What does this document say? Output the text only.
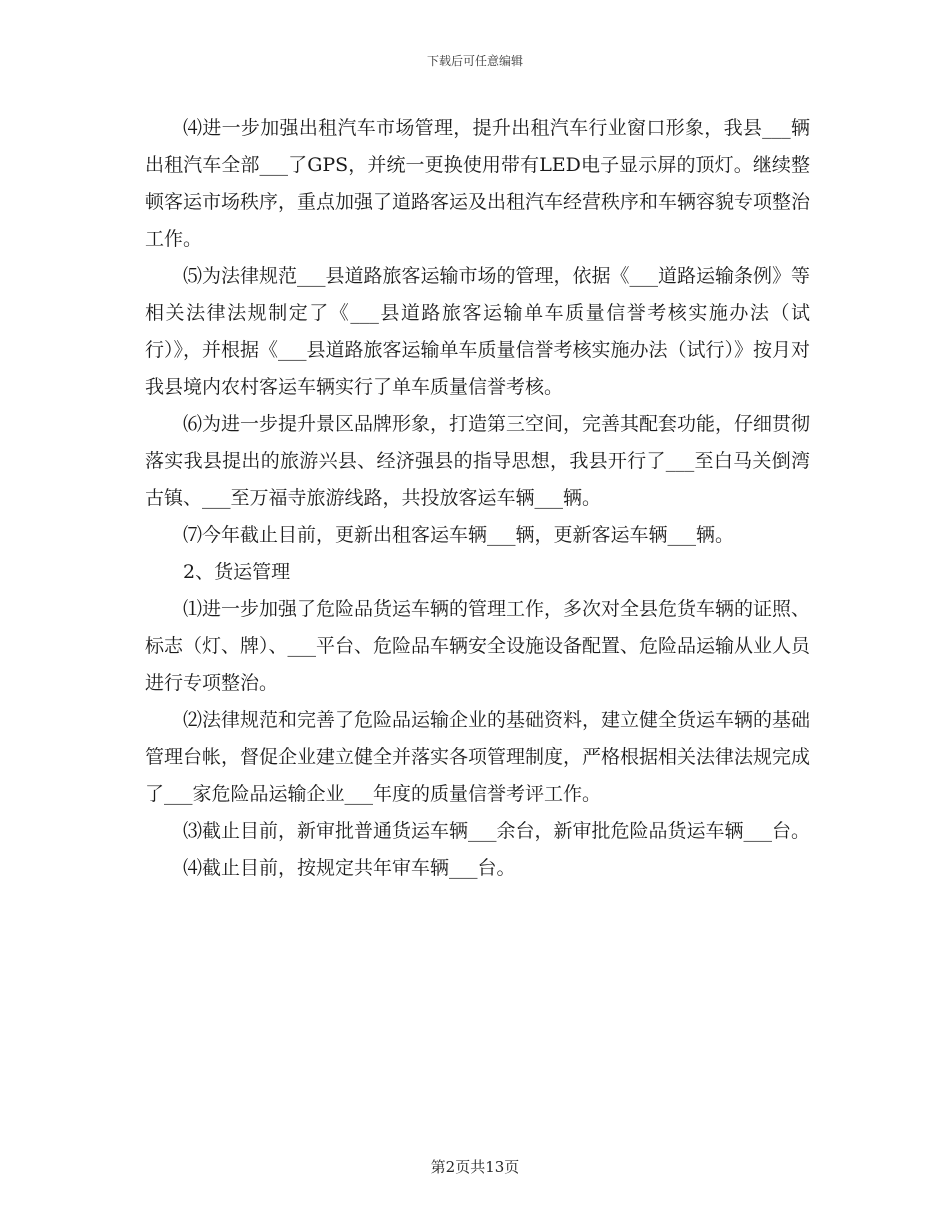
下载后可任意编辑

⑷进一步加强出租汽车市场管理，提升出租汽车行业窗口形象，我县___辆出租汽车全部___了GPS，并统一更换使用带有LED电子显示屏的顶灯。继续整顿客运市场秩序，重点加强了道路客运及出租汽车经营秩序和车辆容貌专项整治工作。

⑸为法律规范___县道路旅客运输市场的管理，依据《___道路运输条例》等相关法律法规制定了《___县道路旅客运输单车质量信誉考核实施办法（试行）》，并根据《___县道路旅客运输单车质量信誉考核实施办法（试行）》按月对我县境内农村客运车辆实行了单车质量信誉考核。

⑹为进一步提升景区品牌形象，打造第三空间，完善其配套功能，仔细贯彻落实我县提出的旅游兴县、经济强县的指导思想，我县开行了___至白马关倒湾古镇、___至万福寺旅游线路，共投放客运车辆___辆。

⑺今年截止目前，更新出租客运车辆___辆，更新客运车辆___辆。

2、货运管理

⑴进一步加强了危险品货运车辆的管理工作，多次对全县危货车辆的证照、标志（灯、牌）、___平台、危险品车辆安全设施设备配置、危险品运输从业人员进行专项整治。

⑵法律规范和完善了危险品运输企业的基础资料，建立健全货运车辆的基础管理台帐，督促企业建立健全并落实各项管理制度，严格根据相关法律法规完成了___家危险品运输企业___年度的质量信誉考评工作。

⑶截止目前，新审批普通货运车辆___余台，新审批危险品货运车辆___台。

⑷截止目前，按规定共年审车辆___台。

第2页共13页
